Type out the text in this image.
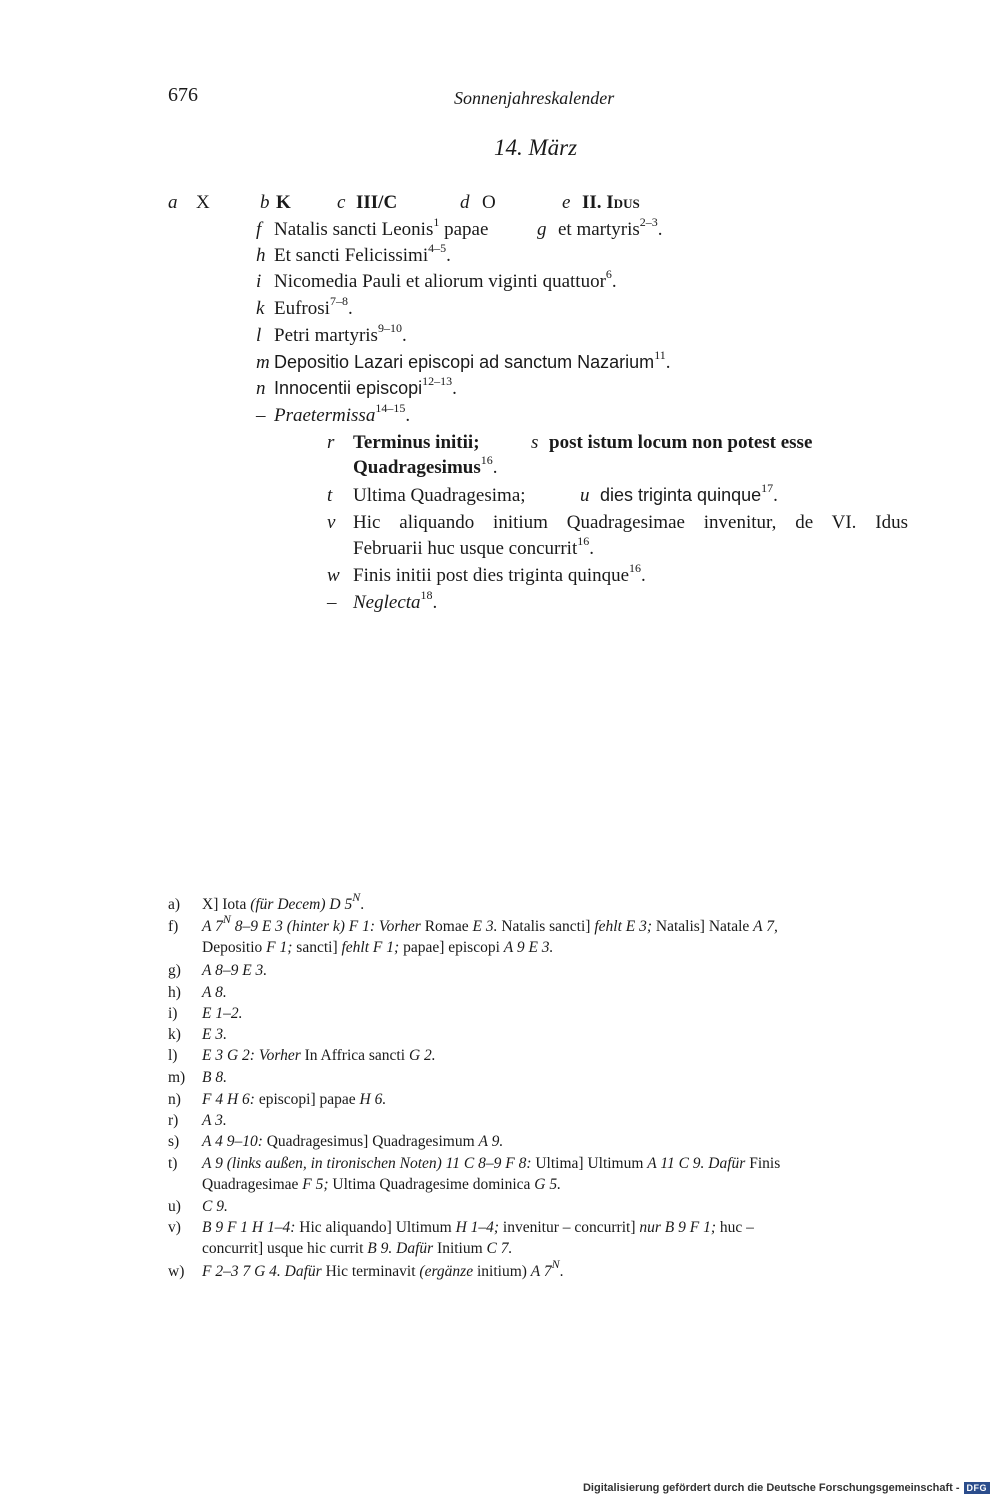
676	Sonnenjahreskalender
14. März
a X	b K c III/C	d O	e II. Idus
f Natalis sancti Leonis$^1$ papae	g et martyris$^{2-3}$.
h Et sancti Felicissimi$^{4-5}$.
i Nicomedia Pauli et aliorum viginti quattuor$^6$.
k Eufrosi$^{7-8}$.
l Petri martyris$^{9-10}$.
m Depositio Lazari episcopi ad sanctum Nazarium$^{11}$.
n Innocentii episcopi$^{12-13}$.
– Praetermissa$^{14-15}$.
r Terminus initii;	s post istum locum non potest esse
Quadragesimus$^{16}$.
t Ultima Quadragesima;	u dies triginta quinque$^{17}$.
v Hic aliquando initium Quadragesimae invenitur, de VI. Idus
Februarii huc usque concurrit$^{16}$.
w Finis initii post dies triginta quinque$^{16}$.
– Neglecta$^{18}$.
a) X] Iota (für Decem) D $5^N$.
f) A $7^N$ 8–9 E 3 (hinter k) F 1: Vorher Romae E 3. Natalis sancti] fehlt E 3; Natalis] Natale A 7,
Depositio F 1; sancti] fehlt F 1; papae] episcopi A 9 E 3.
g) A 8–9 E 3.
h) A 8.
i) E 1–2.
k) E 3.
l) E 3 G 2: Vorher In Affrica sancti G 2.
m) B 8.
n) F 4 H 6: episcopi] papae H 6.
r) A 3.
s) A 4 9–10: Quadragesimus] Quadragesimum A 9.
t) A 9 (links außen, in tironischen Noten) 11 C 8–9 F 8: Ultima] Ultimum A 11 C 9. Dafür Finis
Quadragesimae F 5; Ultima Quadragesime dominica G 5.
u) C 9.
v) B 9 F 1 H 1–4: Hic aliquando] Ultimum H 1–4; invenitur – concurrit] nur B 9 F 1; huc –
concurrit] usque hic currit B 9. Dafür Initium C 7.
w) F 2–3 7 G 4. Dafür Hic terminavit (ergänze initium) A $7^N$.
Digitalisierung gefördert durch die Deutsche Forschungsgemeinschaft - DFG
